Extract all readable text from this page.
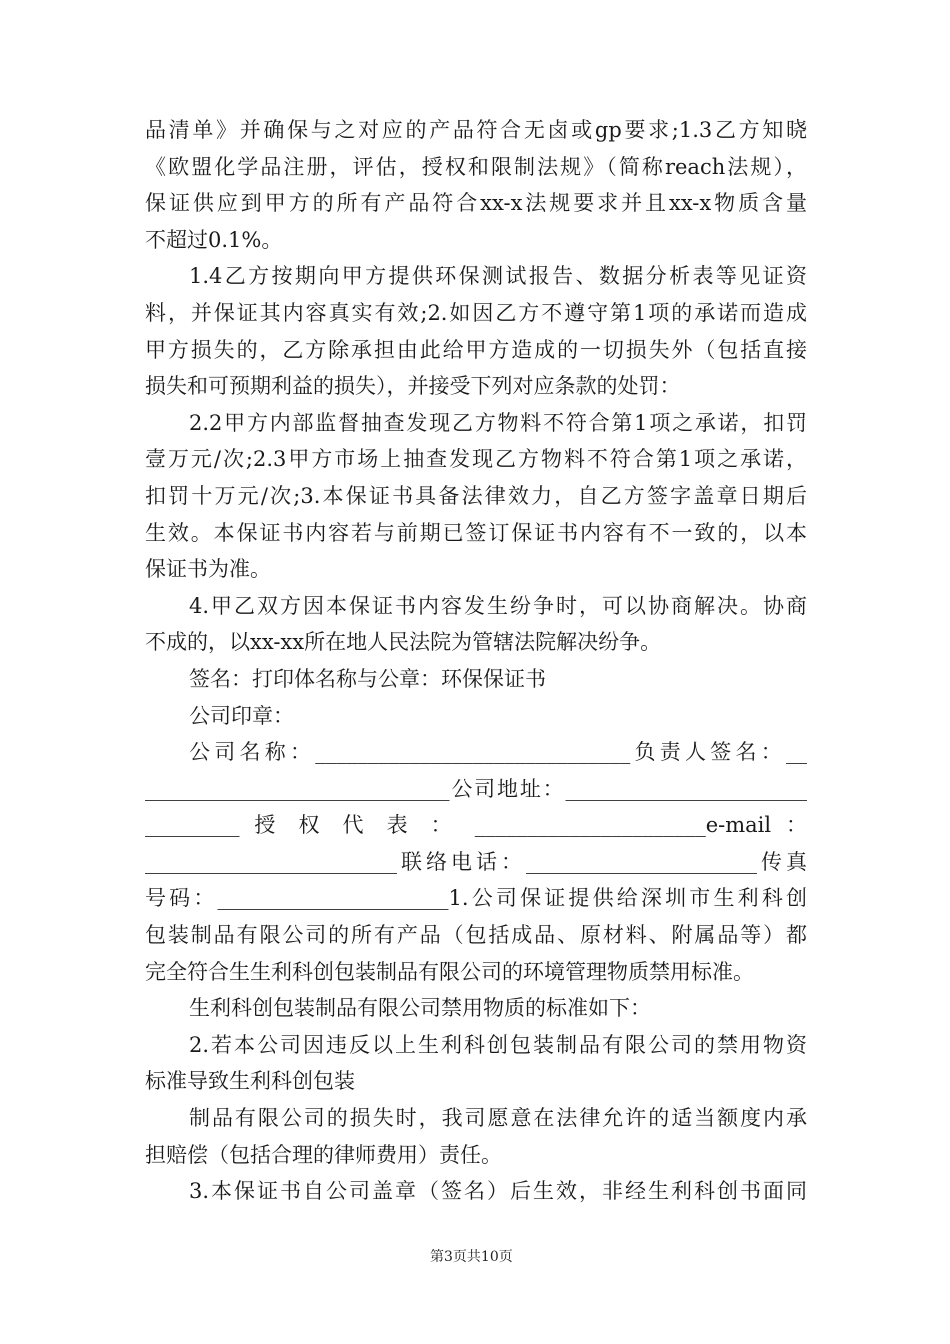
品清单》并确保与之对应的产品符合无卤或gp要求;1.3乙方知晓
《欧盟化学品注册，评估，授权和限制法规》（简称reach法规），
保证供应到甲方的所有产品符合xx-x法规要求并且xx-x物质含量
不超过0.1%。
1.4乙方按期向甲方提供环保测试报告、数据分析表等见证资
料，并保证其内容真实有效;2.如因乙方不遵守第1项的承诺而造成
甲方损失的，乙方除承担由此给甲方造成的一切损失外（包括直接
损失和可预期利益的损失），并接受下列对应条款的处罚：
2.2甲方内部监督抽查发现乙方物料不符合第1项之承诺，扣罚
壹万元/次;2.3甲方市场上抽查发现乙方物料不符合第1项之承诺，
扣罚十万元/次;3.本保证书具备法律效力，自乙方签字盖章日期后
生效。本保证书内容若与前期已签订保证书内容有不一致的，以本
保证书为准。
4.甲乙双方因本保证书内容发生纷争时，可以协商解决。协商
不成的，以xx-xx所在地人民法院为管辖法院解决纷争。
签名：打印体名称与公章：环保保证书
公司印章：
公司名称：______________________________负责人签名：__
_____________________________公司地址：_______________________
_________ 授 权 代 表 ： ______________________e-mail ：
________________________联络电话：______________________传真
号码：______________________1.公司保证提供给深圳市生利科创
包装制品有限公司的所有产品（包括成品、原材料、附属品等）都
完全符合生生利科创包装制品有限公司的环境管理物质禁用标准。
生利科创包装制品有限公司禁用物质的标准如下：
2.若本公司因违反以上生利科创包装制品有限公司的禁用物资
标准导致生利科创包装
制品有限公司的损失时，我司愿意在法律允许的适当额度内承
担赔偿（包括合理的律师费用）责任。
3.本保证书自公司盖章（签名）后生效，非经生利科创书面同
第3页共10页
